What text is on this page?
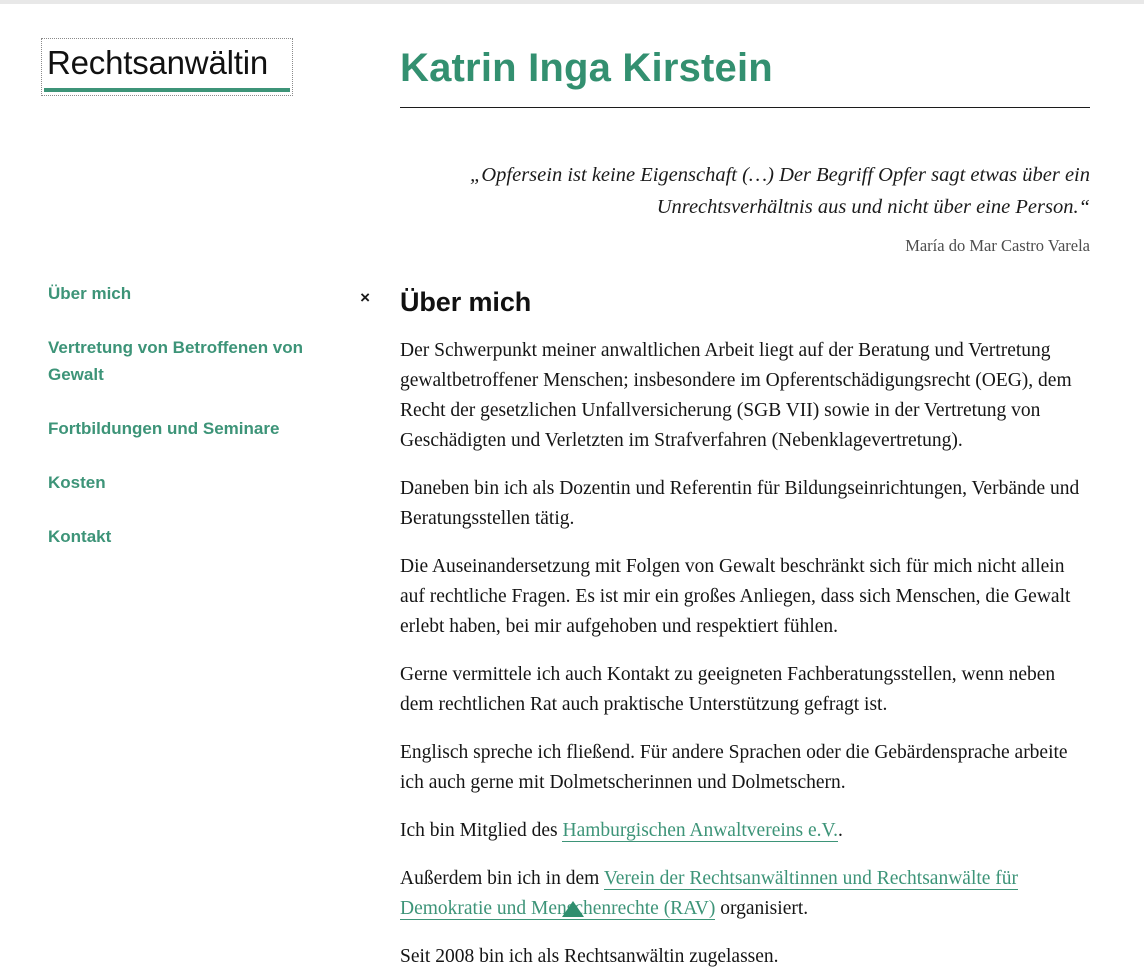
Rechtsanwältin	Katrin Inga Kirstein

„Opfersein ist keine Eigenschaft (…) Der Begriff Opfer sagt etwas über ein Unrechtsverhältnis aus und nicht über eine Person.“

María do Mar Castro Varela

Über mich
Vertretung von Betroffenen von Gewalt
Fortbildungen und Seminare
Kosten
Kontakt
× Über mich

Der Schwerpunkt meiner anwaltlichen Arbeit liegt auf der Beratung und Vertretung gewaltbetroffener Menschen; insbesondere im Opferentschädigungsrecht (OEG), dem Recht der gesetzlichen Unfallversicherung (SGB VII) sowie in der Vertretung von Geschädigten und Verletzten im Strafverfahren (Nebenklagevertretung).

Daneben bin ich als Dozentin und Referentin für Bildungseinrichtungen, Verbände und Beratungsstellen tätig.

Die Auseinandersetzung mit Folgen von Gewalt beschränkt sich für mich nicht allein auf rechtliche Fragen. Es ist mir ein großes Anliegen, dass sich Menschen, die Gewalt erlebt haben, bei mir aufgehoben und respektiert fühlen.

Gerne vermittele ich auch Kontakt zu geeigneten Fachberatungsstellen, wenn neben dem rechtlichen Rat auch praktische Unterstützung gefragt ist.

Englisch spreche ich fließend. Für andere Sprachen oder die Gebärdensprache arbeite ich auch gerne mit Dolmetscherinnen und Dolmetschern.

Ich bin Mitglied des Hamburgischen Anwaltvereins e.V..

Außerdem bin ich in dem Verein der Rechtsanwältinnen und Rechtsanwälte für Demokratie und Menschenrechte (RAV) organisiert.

Seit 2008 bin ich als Rechtsanwältin zugelassen.
